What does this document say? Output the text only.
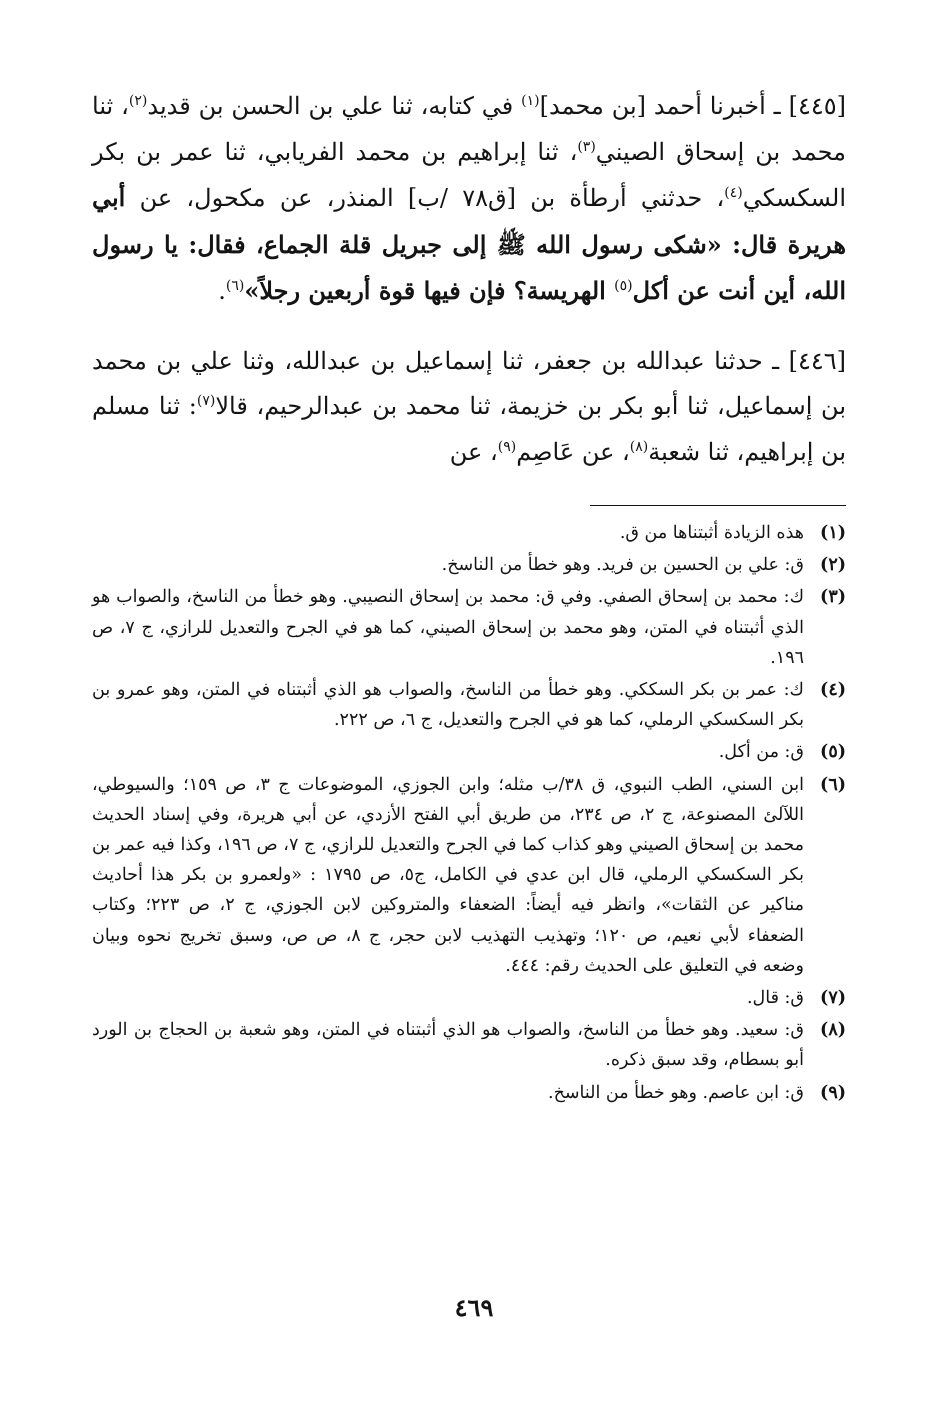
[٤٤٥] ـ أخبرنا أحمد [بن محمد]$^{(١)}$ في كتابه، ثنا علي بن الحسن بن قديد$^{(٢)}$، ثنا محمد بن إسحاق الصيني$^{(٣)}$، ثنا إبراهيم بن محمد الفريابي، ثنا عمر بن بكر السكسكي$^{(٤)}$، حدثني أرطأة بن [ق٧٨ /ب] المنذر، عن مكحول، عن أبي هريرة قال: «شكى رسول الله ﷺ إلى جبريل قلة الجماع، فقال: يا رسول الله، أين أنت عن أكل$^{(٥)}$ الهريسة؟ فإن فيها قوة أربعين رجلاً»$^{(٦)}$.

[٤٤٦] ـ حدثنا عبدالله بن جعفر، ثنا إسماعيل بن عبدالله، وثنا علي بن محمد بن إسماعيل، ثنا أبو بكر بن خزيمة، ثنا محمد بن عبدالرحيم، قالا$^{(٧)}$: ثنا مسلم بن إبراهيم، ثنا شعبة$^{(٨)}$، عن عَاصِم$^{(٩)}$، عن

(١)
هذه الزيادة أثبتناها من ق.
(٢)
ق: علي بن الحسين بن فريد. وهو خطأ من الناسخ.
(٣)
ك: محمد بن إسحاق الصفي. وفي ق: محمد بن إسحاق النصيبي. وهو خطأ من الناسخ، والصواب هو الذي أثبتناه في المتن، وهو محمد بن إسحاق الصيني، كما هو في الجرح والتعديل للرازي، ج ٧، ص ١٩٦.
(٤)
ك: عمر بن بكر السككي. وهو خطأ من الناسخ، والصواب هو الذي أثبتناه في المتن، وهو عمرو بن بكر السكسكي الرملي، كما هو في الجرح والتعديل، ج ٦، ص ٢٢٢.
(٥)
ق: من أكل.
(٦)
ابن السني، الطب النبوي، ق ٣٨/ب مثله؛ وابن الجوزي، الموضوعات ج ٣، ص ١٥٩؛ والسيوطي، اللآلئ المصنوعة، ج ٢، ص ٢٣٤، من طريق أبي الفتح الأزدي، عن أبي هريرة، وفي إسناد الحديث محمد بن إسحاق الصيني وهو كذاب كما في الجرح والتعديل للرازي، ج ٧، ص ١٩٦، وكذا فيه عمر بن بكر السكسكي الرملي، قال ابن عدي في الكامل، ج٥، ص ١٧٩٥ : «ولعمرو بن بكر هذا أحاديث مناكير عن الثقات»، وانظر فيه أيضاً: الضعفاء والمتروكين لابن الجوزي، ج ٢، ص ٢٢٣؛ وكتاب الضعفاء لأبي نعيم، ص ١٢٠؛ وتهذيب التهذيب لابن حجر، ج ٨، ص ص، وسبق تخريج نحوه وبيان وضعه في التعليق على الحديث رقم: ٤٤٤.
(٧)
ق: قال.
(٨)
ق: سعيد. وهو خطأ من الناسخ، والصواب هو الذي أثبتناه في المتن، وهو شعبة بن الحجاج بن الورد أبو بسطام، وقد سبق ذكره.
(٩)
ق: ابن عاصم. وهو خطأ من الناسخ.
٤٦٩
